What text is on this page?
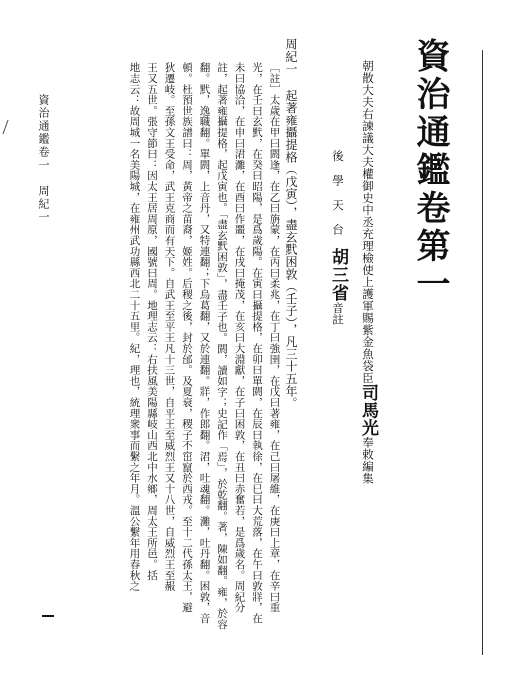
資治通鑑卷第一
朝散大夫右諫議大夫權御史中丞充理檢使上護軍賜紫金魚袋臣司馬光奉敕編集
後學天台胡三省音註
周紀一 起著雍攝提格（戊寅），盡玄黓困敦（壬子），凡三十五年。
［註］太歲在甲曰閼逢，在乙曰旃蒙，在丙曰柔兆，在丁曰強圉，在戊曰著雍，在己曰屠維，在庚曰上章，在辛曰重
光，在壬曰玄黓，在癸曰昭陽，是爲歲陽。在寅曰攝提格，在卯曰單閼，在辰曰執徐，在巳曰大荒落，在午曰敦牂，在
未曰協洽，在申曰涒灘，在酉曰作噩，在戌曰掩茂，在亥曰大淵獻，在子曰困敦，在丑曰赤奮若，是爲歲名。周紀分
註，起著雍攝提格，起戊寅也。「盡玄黓困敦」，盡壬子也。閼，讀如字；史記作「焉」，於乾翻。著，陳如翻。雍，於容
翻。黓，逸職翻。單閼，上音丹，又特連翻；下烏葛翻，又於連翻。牂，作郎翻。涒，吐魂翻。灘，吐丹翻。困敦，音
頓。杜預世族譜曰：周，黃帝之苗裔，姬姓。后稷之後，封於邰。及夏衰，稷子不窋竄於西戎。至十二代孫太王，避
狄遷岐。至孫文王受命，武王克商而有天下。自武王至平王凡十三世，自平王至威烈王又十八世，自威烈王至赧
王又五世。張守節曰：因太王居周原，國號曰周。地理志云：右扶風美陽縣岐山西北中水鄉，周太王所邑。括
地志云：故周城一名美陽城，在雍州武功縣西北二十五里。紀，理也，統理衆事而繫之年月。溫公繫年用春秋之
資治通鑑卷一　周紀一
